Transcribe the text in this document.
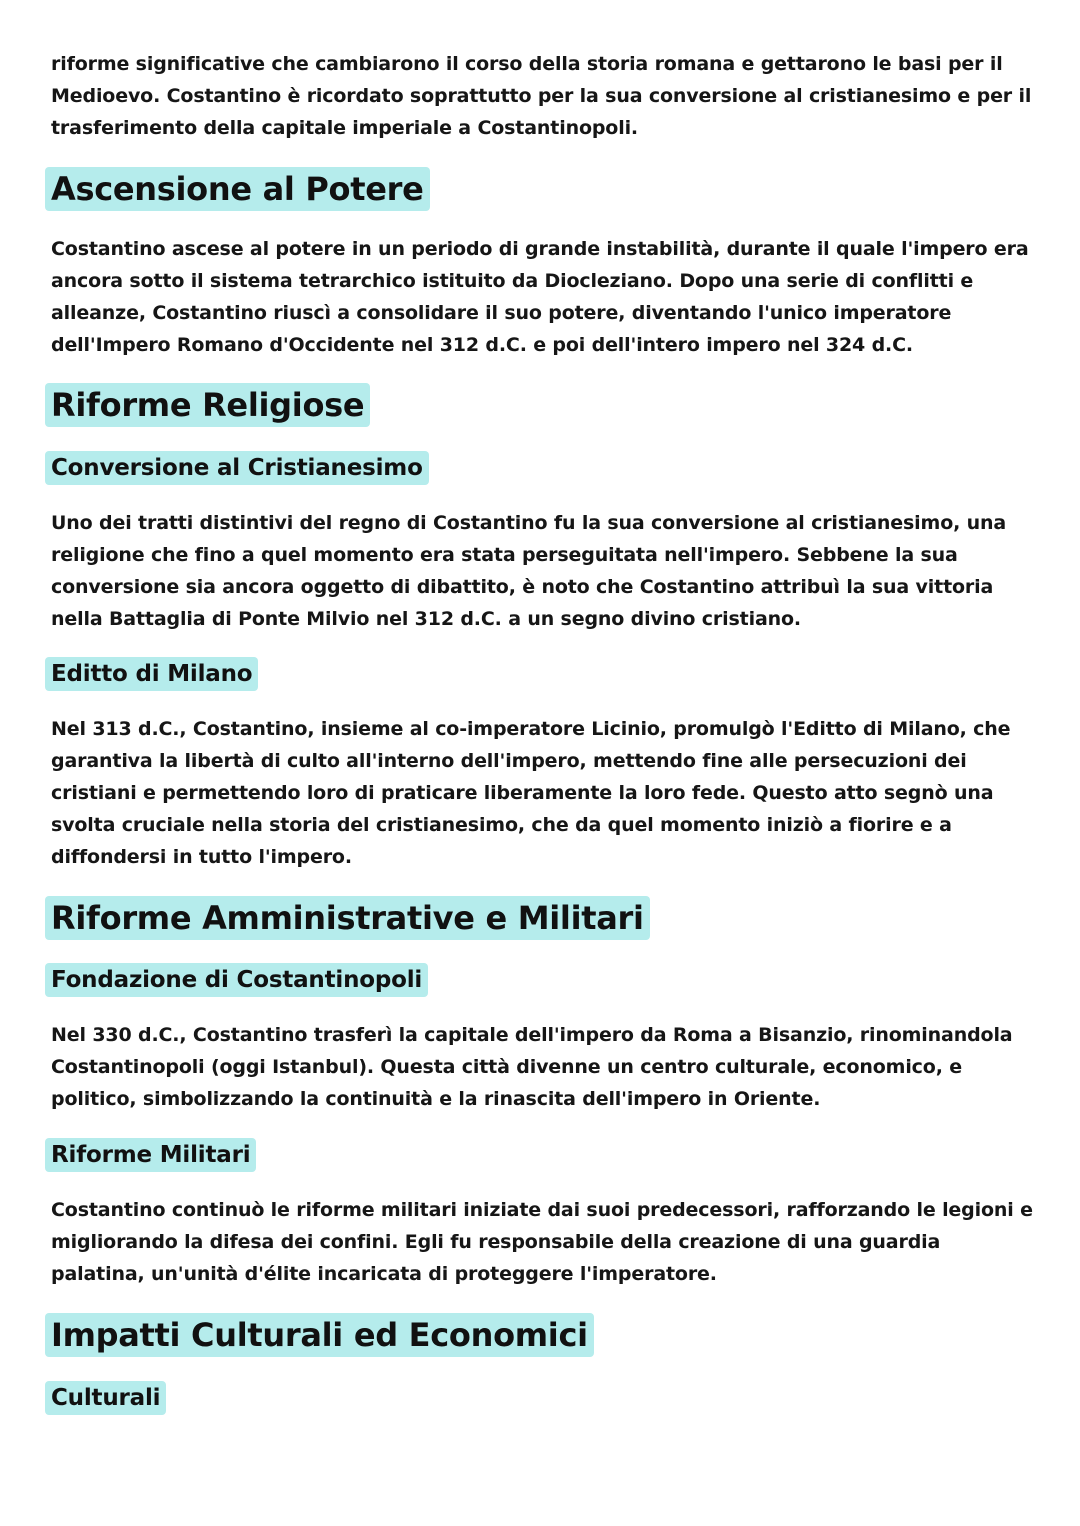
riforme significative che cambiarono il corso della storia romana e gettarono le basi per il Medioevo. Costantino è ricordato soprattutto per la sua conversione al cristianesimo e per il trasferimento della capitale imperiale a Costantinopoli.

Ascensione al Potere

Costantino ascese al potere in un periodo di grande instabilità, durante il quale l'impero era ancora sotto il sistema tetrarchico istituito da Diocleziano. Dopo una serie di conflitti e alleanze, Costantino riuscì a consolidare il suo potere, diventando l'unico imperatore dell'Impero Romano d'Occidente nel 312 d.C. e poi dell'intero impero nel 324 d.C.

Riforme Religiose
Conversione al Cristianesimo

Uno dei tratti distintivi del regno di Costantino fu la sua conversione al cristianesimo, una religione che fino a quel momento era stata perseguitata nell'impero. Sebbene la sua conversione sia ancora oggetto di dibattito, è noto che Costantino attribuì la sua vittoria nella Battaglia di Ponte Milvio nel 312 d.C. a un segno divino cristiano.

Editto di Milano

Nel 313 d.C., Costantino, insieme al co-imperatore Licinio, promulgò l'Editto di Milano, che garantiva la libertà di culto all'interno dell'impero, mettendo fine alle persecuzioni dei cristiani e permettendo loro di praticare liberamente la loro fede. Questo atto segnò una svolta cruciale nella storia del cristianesimo, che da quel momento iniziò a fiorire e a diffondersi in tutto l'impero.

Riforme Amministrative e Militari
Fondazione di Costantinopoli

Nel 330 d.C., Costantino trasferì la capitale dell'impero da Roma a Bisanzio, rinominandola Costantinopoli (oggi Istanbul). Questa città divenne un centro culturale, economico, e politico, simbolizzando la continuità e la rinascita dell'impero in Oriente.

Riforme Militari

Costantino continuò le riforme militari iniziate dai suoi predecessori, rafforzando le legioni e migliorando la difesa dei confini. Egli fu responsabile della creazione di una guardia palatina, un'unità d'élite incaricata di proteggere l'imperatore.

Impatti Culturali ed Economici
Culturali
